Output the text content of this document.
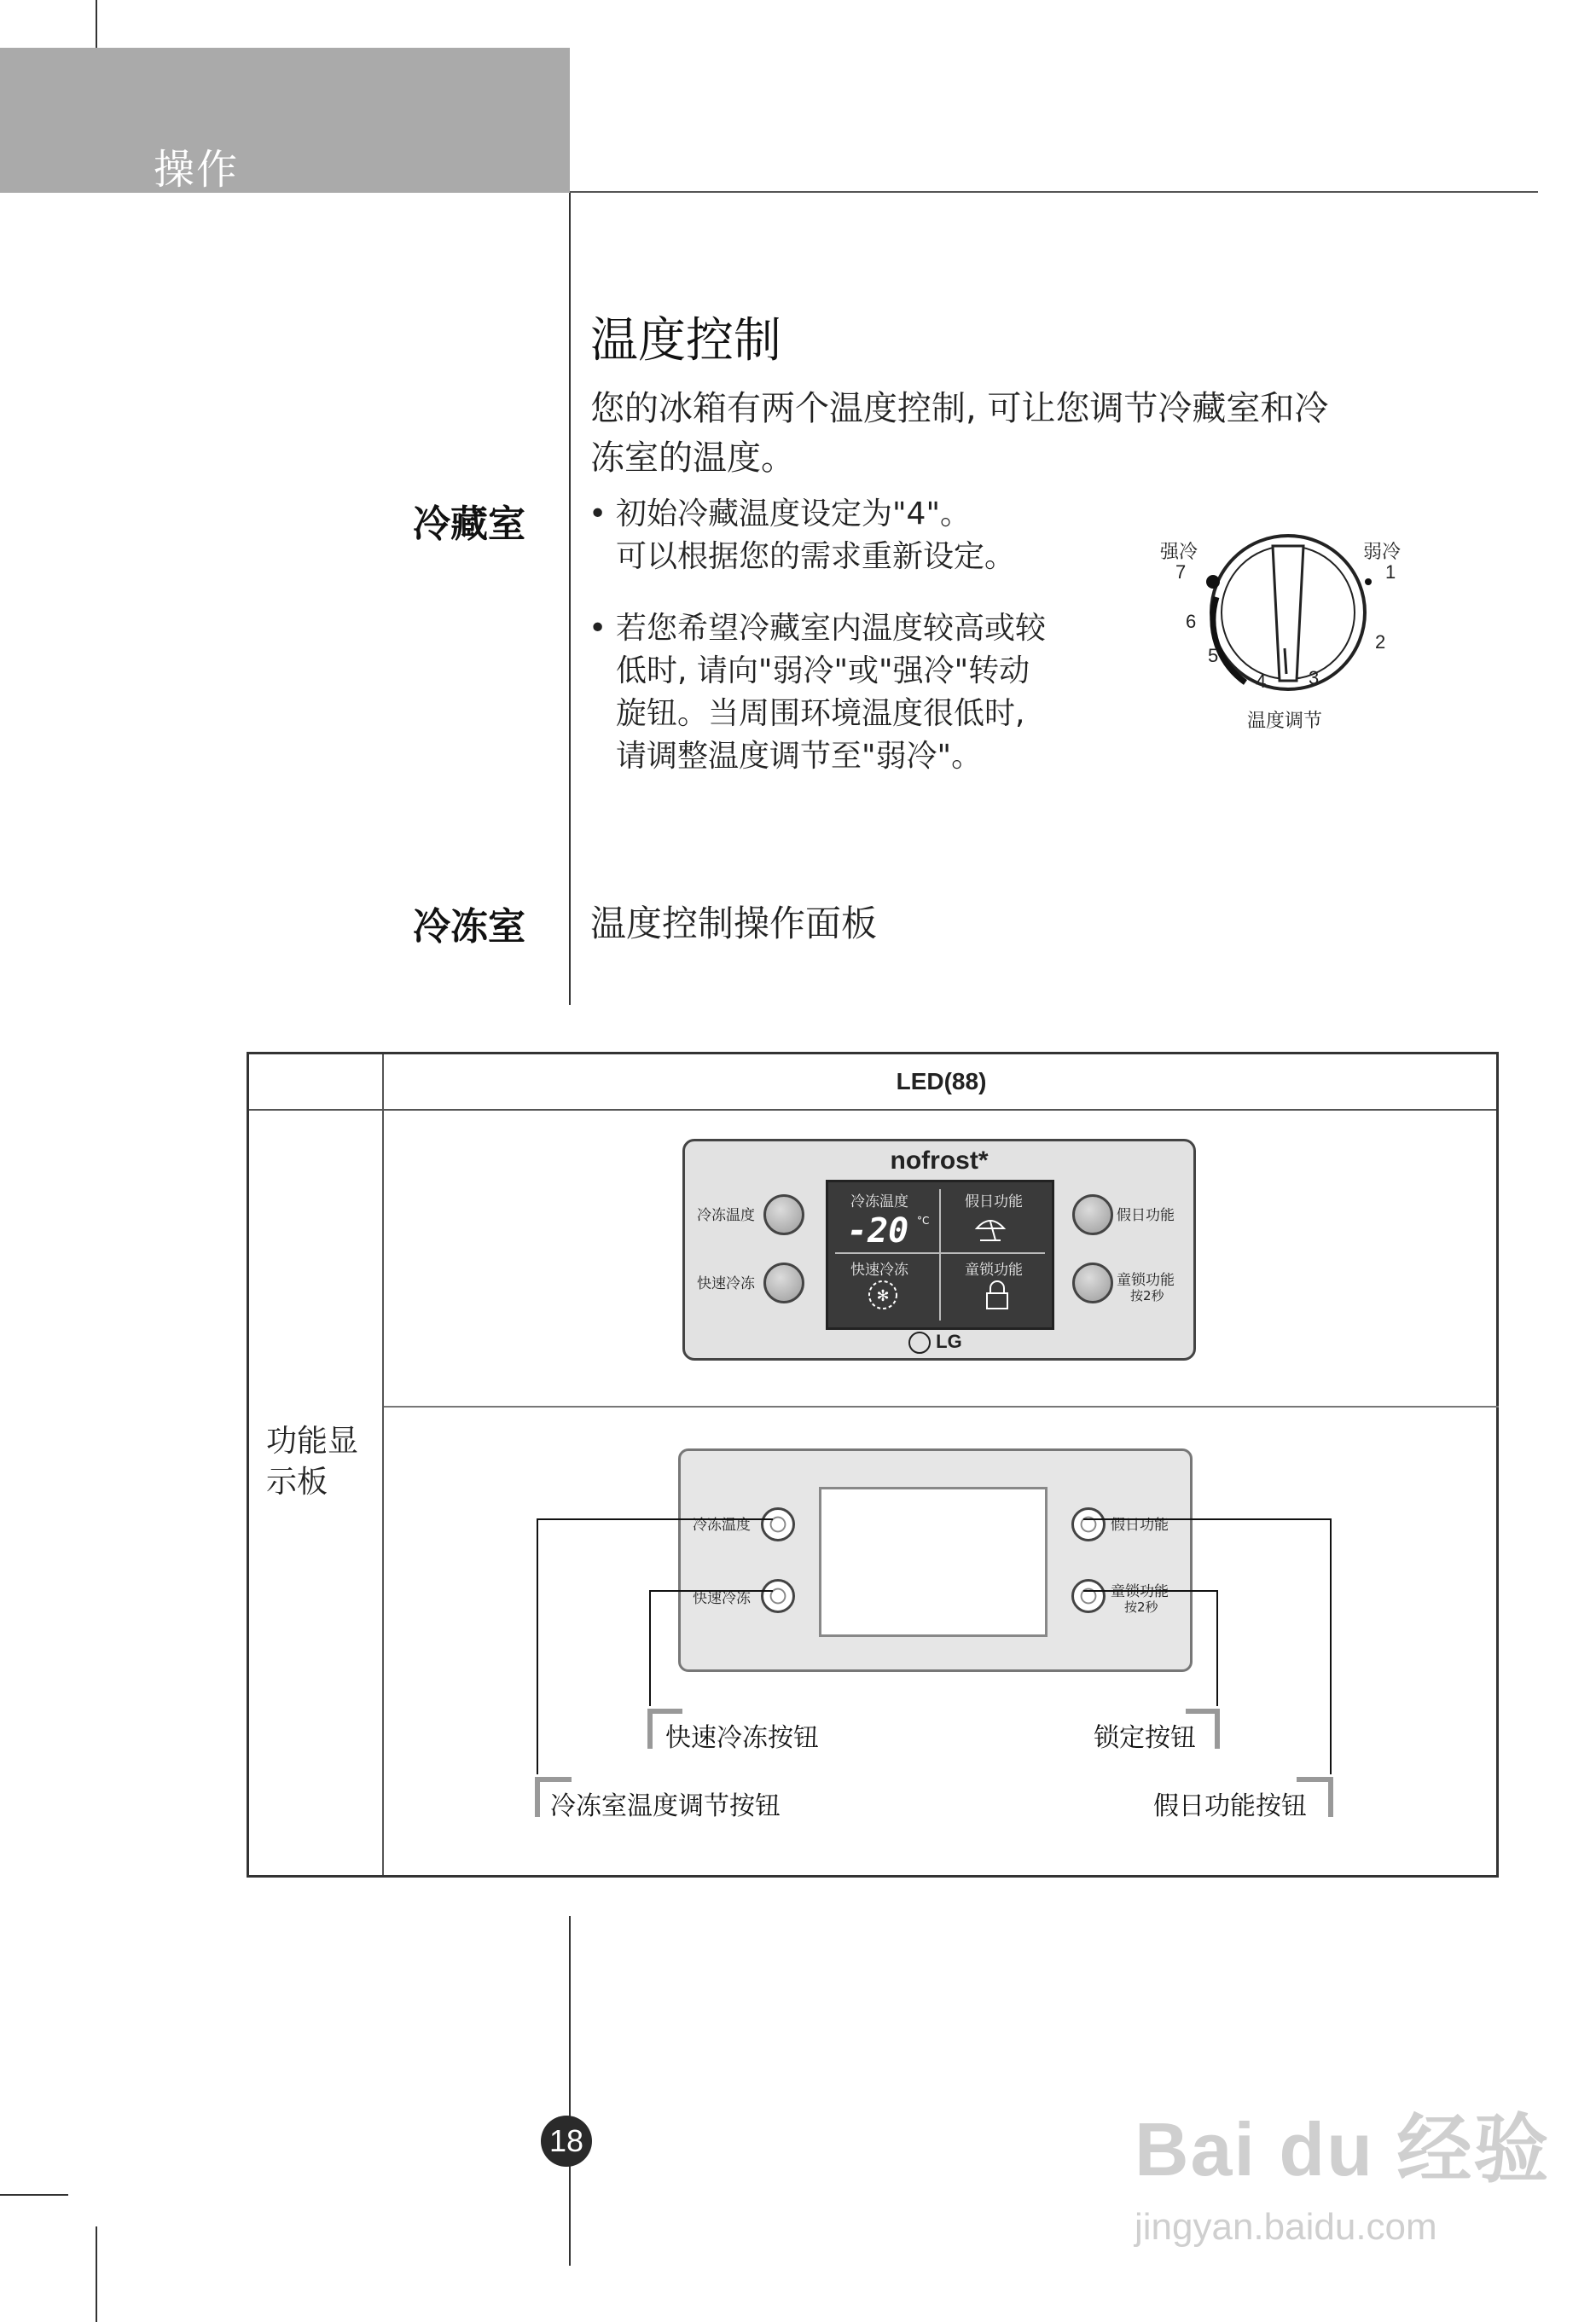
操作
温度控制
您的冰箱有两个温度控制, 可让您调节冷藏室和冷冻室的温度。
冷藏室 • 初始冷藏温度设定为"4"。
可以根据您的需求重新设定。
• 若您希望冷藏室内温度较高或较
低时, 请向"弱冷"或"强冷"转动
旋钮。当周围环境温度很低时,
请调整温度调节至"弱冷"。
强冷	弱冷
7	1
6
2
5
4 3
温度调节
冷冻室 温度控制操作面板
LED(88)
功能显示板
nofrost*
冷冻温度	假日功能
快速冷冻	童锁功能
-20 °C
✻
LG
冷冻温度
快速冷冻
假日功能
童锁功能
按2秒
冷冻温度
快速冷冻
假日功能
童锁功能
按2秒
快速冷冻按钮	锁定按钮
冷冻室温度调节按钮	假日功能按钮
18	Bai du 经验
jingyan.baidu.com
